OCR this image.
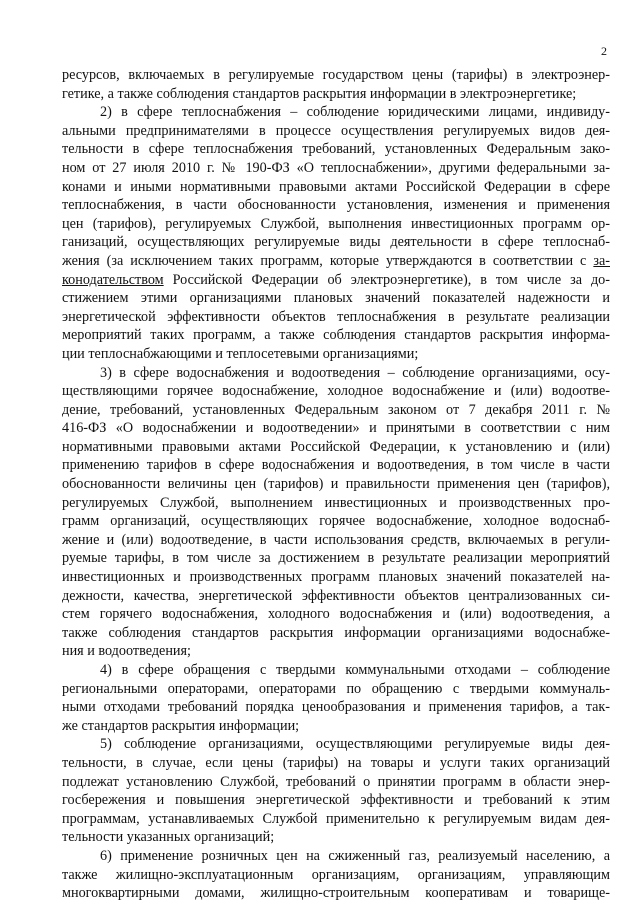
2
ресурсов, включаемых в регулируемые государством цены (тарифы) в электроэнер-
гетике, а также соблюдения стандартов раскрытия информации в электроэнергетике;
2) в сфере теплоснабжения – соблюдение юридическими лицами, индивиду-
альными предпринимателями в процессе осуществления регулируемых видов дея-
тельности в сфере теплоснабжения требований, установленных Федеральным зако-
ном от 27 июля 2010 г. № 190-ФЗ «О теплоснабжении», другими федеральными за-
конами и иными нормативными правовыми актами Российской Федерации в сфере
теплоснабжения, в части обоснованности установления, изменения и применения
цен (тарифов), регулируемых Службой, выполнения инвестиционных программ ор-
ганизаций, осуществляющих регулируемые виды деятельности в сфере теплоснаб-
жения (за исключением таких программ, которые утверждаются в соответствии с за-
конодательством Российской Федерации об электроэнергетике), в том числе за до-
стижением этими организациями плановых значений показателей надежности и
энергетической эффективности объектов теплоснабжения в результате реализации
мероприятий таких программ, а также соблюдения стандартов раскрытия информа-
ции теплоснабжающими и теплосетевыми организациями;
3) в сфере водоснабжения и водоотведения – соблюдение организациями, осу-
ществляющими горячее водоснабжение, холодное водоснабжение и (или) водоотве-
дение, требований, установленных Федеральным законом от 7 декабря 2011 г. №
416-ФЗ «О водоснабжении и водоотведении» и принятыми в соответствии с ним
нормативными правовыми актами Российской Федерации, к установлению и (или)
применению тарифов в сфере водоснабжения и водоотведения, в том числе в части
обоснованности величины цен (тарифов) и правильности применения цен (тарифов),
регулируемых Службой, выполнением инвестиционных и производственных про-
грамм организаций, осуществляющих горячее водоснабжение, холодное водоснаб-
жение и (или) водоотведение, в части использования средств, включаемых в регули-
руемые тарифы, в том числе за достижением в результате реализации мероприятий
инвестиционных и производственных программ плановых значений показателей на-
дежности, качества, энергетической эффективности объектов централизованных си-
стем горячего водоснабжения, холодного водоснабжения и (или) водоотведения, а
также соблюдения стандартов раскрытия информации организациями водоснабже-
ния и водоотведения;
4) в сфере обращения с твердыми коммунальными отходами – соблюдение
региональными операторами, операторами по обращению с твердыми коммуналь-
ными отходами требований порядка ценообразования и применения тарифов, а так-
же стандартов раскрытия информации;
5) соблюдение организациями, осуществляющими регулируемые виды дея-
тельности, в случае, если цены (тарифы) на товары и услуги таких организаций
подлежат установлению Службой, требований о принятии программ в области энер-
госбережения и повышения энергетической эффективности и требований к этим
программам, устанавливаемых Службой применительно к регулируемым видам дея-
тельности указанных организаций;
6) применение розничных цен на сжиженный газ, реализуемый населению, а
также жилищно-эксплуатационным организациям, организациям, управляющим
многоквартирными домами, жилищно-строительным кооперативам и товарище-
